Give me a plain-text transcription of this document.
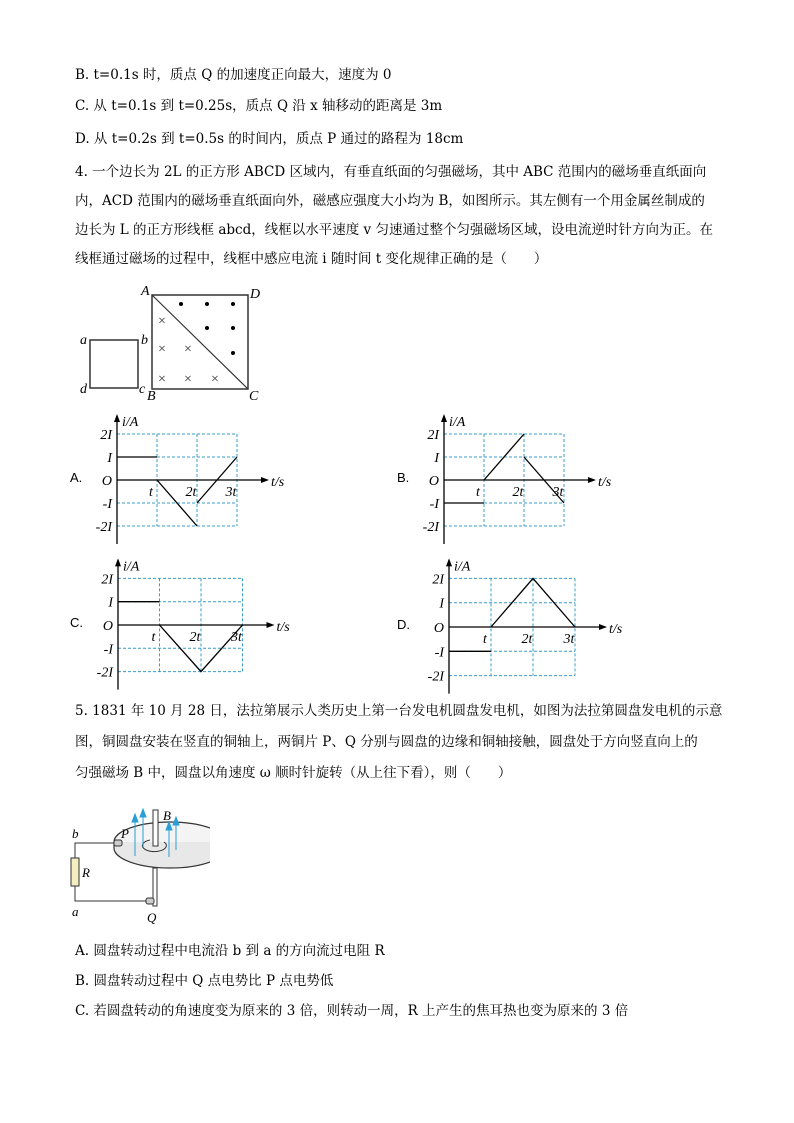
B. t=0.1s 时，质点 Q 的加速度正向最大，速度为 0
C. 从 t=0.1s 到 t=0.25s，质点 Q 沿 x 轴移动的距离是 3m
D. 从 t=0.2s 到 t=0.5s 的时间内，质点 P 通过的路程为 18cm
4. 一个边长为 2L 的正方形 ABCD 区域内，有垂直纸面的匀强磁场，其中 ABC 范围内的磁场垂直纸面向
内，ACD 范围内的磁场垂直纸面向外，磁感应强度大小均为 B，如图所示。其左侧有一个用金属丝制成的
边长为 L 的正方形线框 abcd，线框以水平速度 v 匀速通过整个匀强磁场区域，设电流逆时针方向为正。在
线框通过磁场的过程中，线框中感应电流 i 随时间 t 变化规律正确的是（　　）
×
× ×
× × ×
A	D
B	C
a	b
c
d
A.
i/A
t/s
2I
I
O
-I
-2I
t 2t 3t
B.
i/A
t/s
2I
I
O
-I
-2I
t 2t 3t
C.
i/A
t/s
2I
I
O
-I
-2I
t 2t 3t
D.
i/A
t/s
2I
I
O
-I
-2I
t 2t 3t
5. 1831 年 10 月 28 日，法拉第展示人类历史上第一台发电机圆盘发电机，如图为法拉第圆盘发电机的示意
图，铜圆盘安装在竖直的铜轴上，两铜片 P、Q 分别与圆盘的边缘和铜轴接触，圆盘处于方向竖直向上的
匀强磁场 B 中，圆盘以角速度 ω 顺时针旋转（从上往下看），则（　　）
b	P
B
R
a	Q
A. 圆盘转动过程中电流沿 b 到 a 的方向流过电阻 R
B. 圆盘转动过程中 Q 点电势比 P 点电势低
C. 若圆盘转动的角速度变为原来的 3 倍，则转动一周，R 上产生的焦耳热也变为原来的 3 倍
